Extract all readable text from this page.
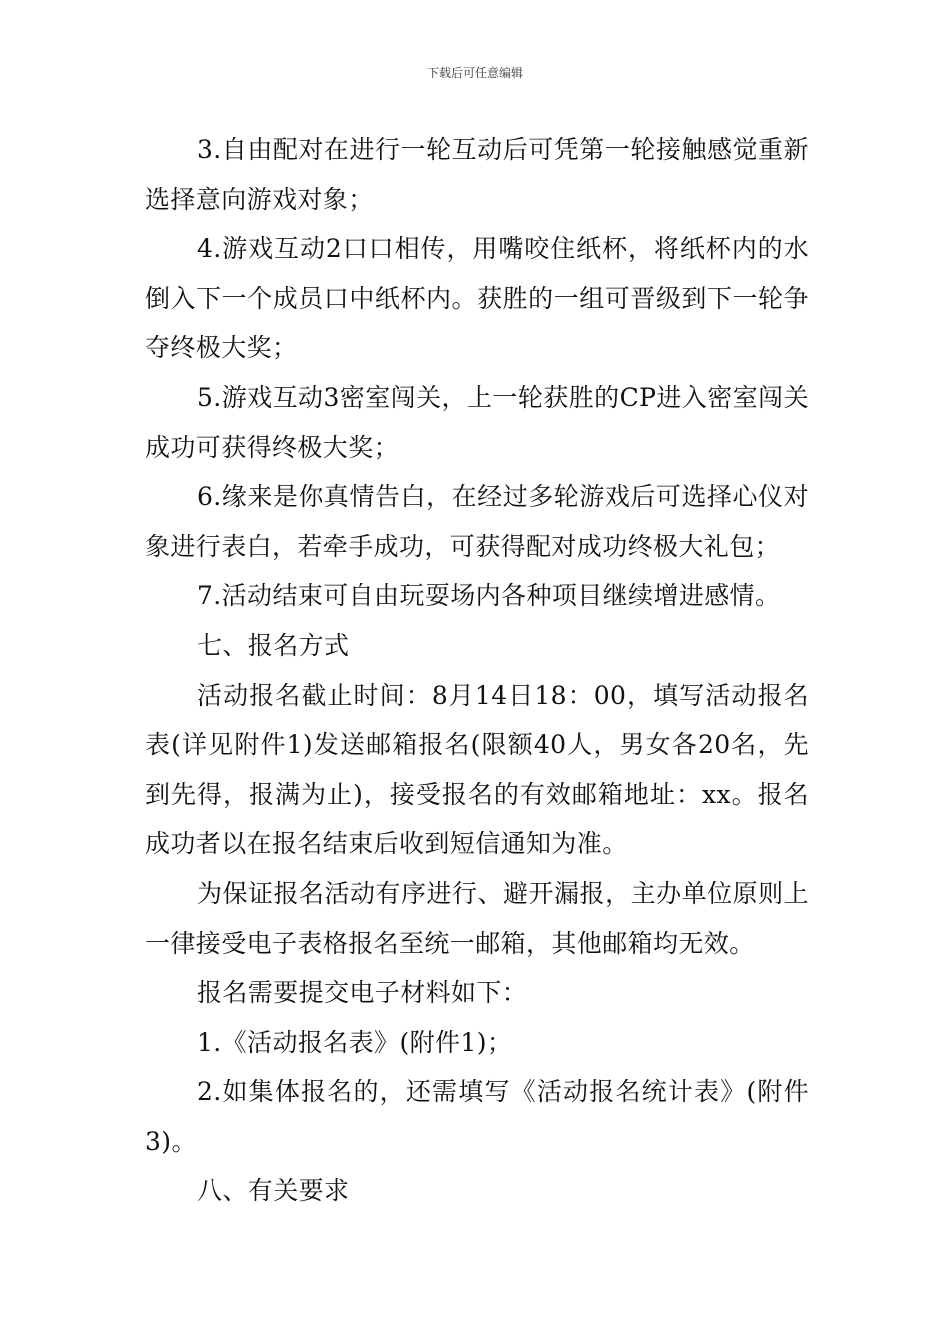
下载后可任意编辑

3.自由配对在进行一轮互动后可凭第一轮接触感觉重新选择意向游戏对象；

4.游戏互动2口口相传，用嘴咬住纸杯，将纸杯内的水倒入下一个成员口中纸杯内。获胜的一组可晋级到下一轮争夺终极大奖；

5.游戏互动3密室闯关，上一轮获胜的CP进入密室闯关成功可获得终极大奖；

6.缘来是你真情告白，在经过多轮游戏后可选择心仪对象进行表白，若牵手成功，可获得配对成功终极大礼包；

7.活动结束可自由玩耍场内各种项目继续增进感情。

七、报名方式

活动报名截止时间：8月14日18：00，填写活动报名表(详见附件1)发送邮箱报名(限额40人，男女各20名，先到先得，报满为止)，接受报名的有效邮箱地址：xx。报名成功者以在报名结束后收到短信通知为准。

为保证报名活动有序进行、避开漏报，主办单位原则上一律接受电子表格报名至统一邮箱，其他邮箱均无效。

报名需要提交电子材料如下：

1.《活动报名表》(附件1)；

2.如集体报名的，还需填写《活动报名统计表》(附件3)。

八、有关要求
